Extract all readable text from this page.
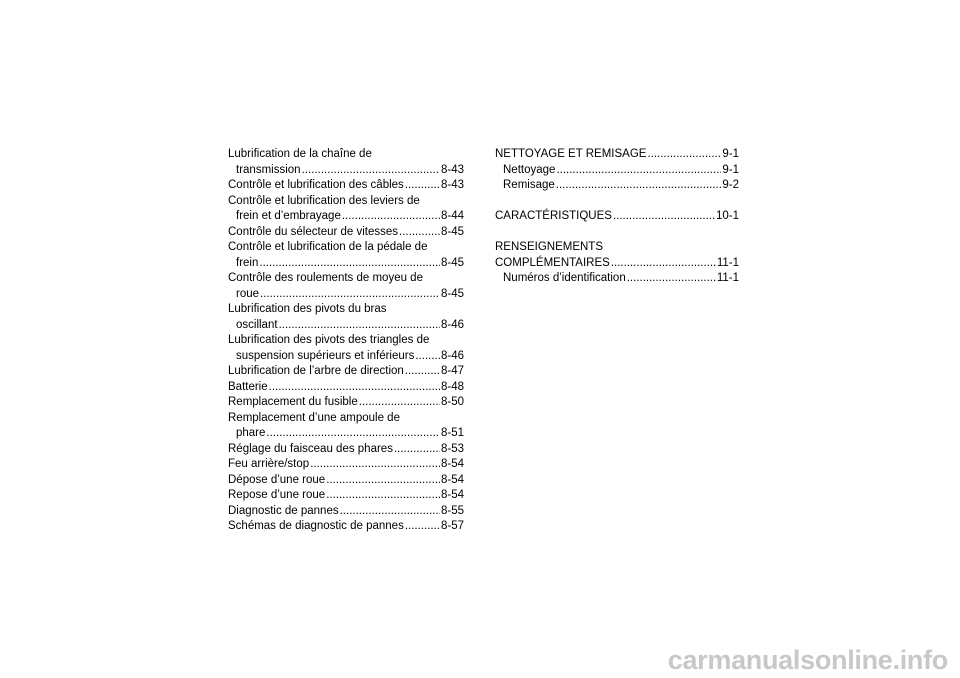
Lubrification de la chaîne de
transmission .....	8-43
Contrôle et lubrification des câbles .....	8-43
Contrôle et lubrification des leviers de
frein et d’embrayage .....	8-44
Contrôle du sélecteur de vitesses .....	8-45
Contrôle et lubrification de la pédale de
frein .....	8-45
Contrôle des roulements de moyeu de
roue .....	8-45
Lubrification des pivots du bras
oscillant .....	8-46
Lubrification des pivots des triangles de
suspension supérieurs et inférieurs ..... 8-46
Lubrification de l’arbre de direction .....	8-47
Batterie .....	8-48
Remplacement du fusible .....	8-50
Remplacement d’une ampoule de
phare .....	8-51
Réglage du faisceau des phares .....	8-53
Feu arrière/stop .....	8-54
Dépose d’une roue .....	8-54
Repose d’une roue .....	8-54
Diagnostic de pannes .....	8-55
Schémas de diagnostic de pannes .....	8-57
NETTOYAGE ET REMISAGE .....	9-1
Nettoyage .....	9-1
Remisage .....	9-2
CARACTÉRISTIQUES .....	10-1
RENSEIGNEMENTS
COMPLÉMENTAIRES .....	11-1
Numéros d’identification .....	11-1
carmanualsonline.info
